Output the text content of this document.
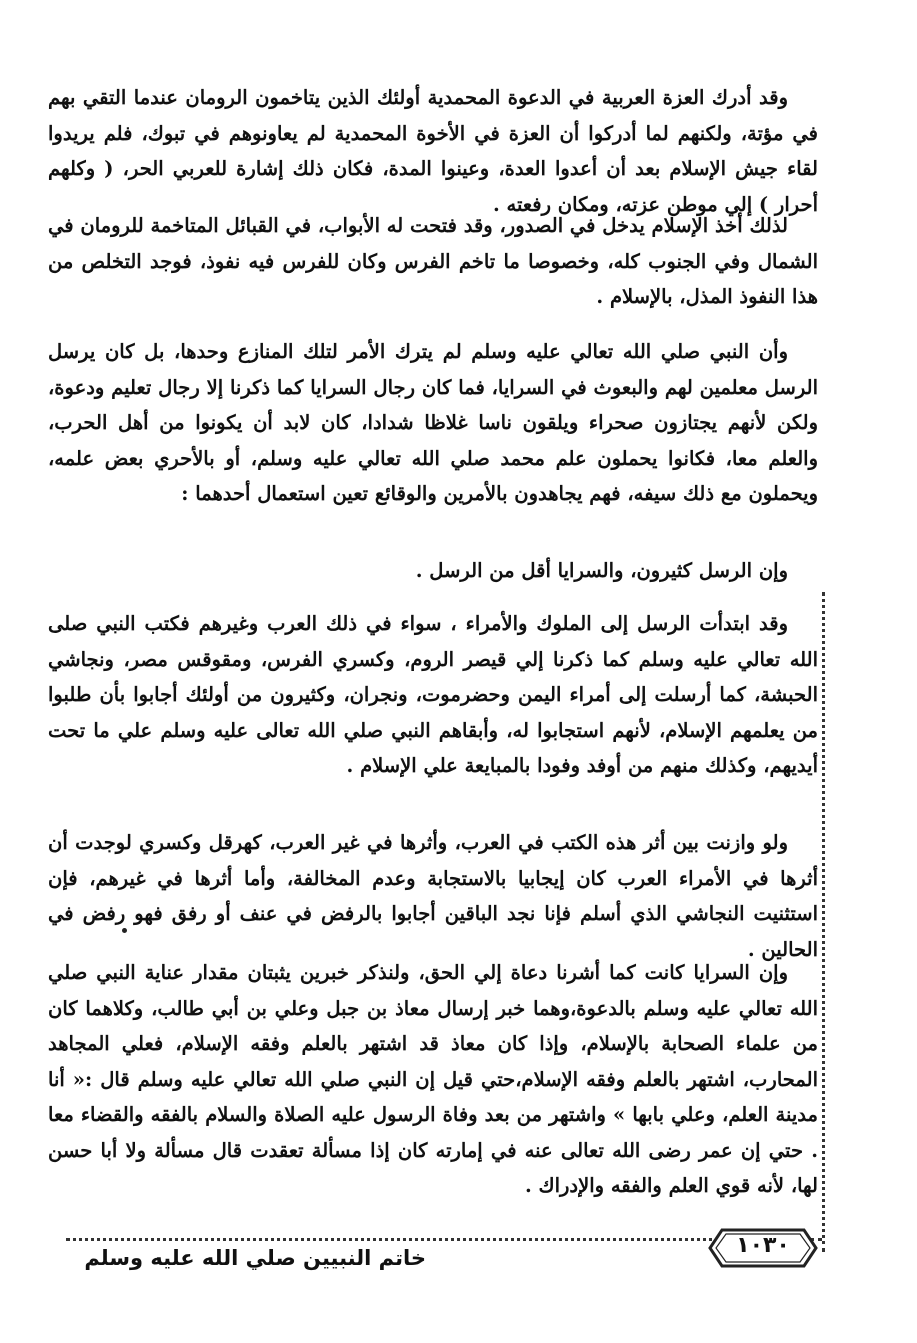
وقد أدرك العزة العربية في الدعوة المحمدية أولئك الذين يتاخمون الرومان عندما التقي بهم في مؤتة، ولكنهم لما أدركوا أن العزة في الأخوة المحمدية لم يعاونوهم في تبوك، فلم يريدوا لقاء جيش الإسلام بعد أن أعدوا العدة، وعينوا المدة، فكان ذلك إشارة للعربي الحر، ( وكلهم أحرار ) إلي موطن عزته، ومكان رفعته .

لذلك أخذ الإسلام يدخل في الصدور، وقد فتحت له الأبواب، في القبائل المتاخمة للرومان في الشمال وفي الجنوب كله، وخصوصا ما تاخم الفرس وكان للفرس فيه نفوذ، فوجد التخلص من هذا النفوذ المذل، بالإسلام .

وأن النبي صلي الله تعالي عليه وسلم لم يترك الأمر لتلك المنازع وحدها، بل كان يرسل الرسل معلمين لهم والبعوث في السرايا، فما كان رجال السرايا كما ذكرنا إلا رجال تعليم ودعوة، ولكن لأنهم يجتازون صحراء ويلقون ناسا غلاظا شدادا، كان لابد أن يكونوا من أهل الحرب، والعلم معا، فكانوا يحملون علم محمد صلي الله تعالي عليه وسلم، أو بالأحري بعض علمه، ويحملون مع ذلك سيفه، فهم يجاهدون بالأمرين والوقائع تعين استعمال أحدهما :

وإن الرسل كثيرون، والسرايا أقل من الرسل .

وقد ابتدأت الرسل إلى الملوك والأمراء ، سواء في ذلك العرب وغيرهم فكتب النبي صلى الله تعالي عليه وسلم كما ذكرنا إلي قيصر الروم، وكسري الفرس، ومقوقس مصر، ونجاشي الحبشة، كما أرسلت إلى أمراء اليمن وحضرموت، ونجران، وكثيرون من أولئك أجابوا بأن طلبوا من يعلمهم الإسلام، لأنهم استجابوا له، وأبقاهم النبي صلي الله تعالى عليه وسلم علي ما تحت أيديهم، وكذلك منهم من أوفد وفودا بالمبايعة علي الإسلام .

ولو وازنت بين أثر هذه الكتب في العرب، وأثرها في غير العرب، كهرقل وكسري لوجدت أن أثرها في الأمراء العرب كان إيجابيا بالاستجابة وعدم المخالفة، وأما أثرها في غيرهم، فإن استثنيت النجاشي الذي أسلم فإنا نجد الباقين أجابوا بالرفض في عنف أو رفق فهو رفض في الحالين .

وإن السرايا كانت كما أشرنا دعاة إلي الحق، ولنذكر خبرين يثبتان مقدار عناية النبي صلي الله تعالي عليه وسلم بالدعوة،وهما خبر إرسال معاذ بن جبل وعلي بن أبي طالب، وكلاهما كان من علماء الصحابة بالإسلام، وإذا كان معاذ قد اشتهر بالعلم وفقه الإسلام، فعلي المجاهد المحارب، اشتهر بالعلم وفقه الإسلام،حتي قيل إن النبي صلي الله تعالي عليه وسلم قال :« أنا مدينة العلم، وعلي بابها » واشتهر من بعد وفاة الرسول عليه الصلاة والسلام بالفقه والقضاء معا . حتي إن عمر رضى الله تعالى عنه في إمارته كان إذا مسألة تعقدت قال مسألة ولا أبا حسن لها، لأنه قوي العلم والفقه والإدراك .

١٠٣٠
خاتم النبيين صلي الله عليه وسلم
